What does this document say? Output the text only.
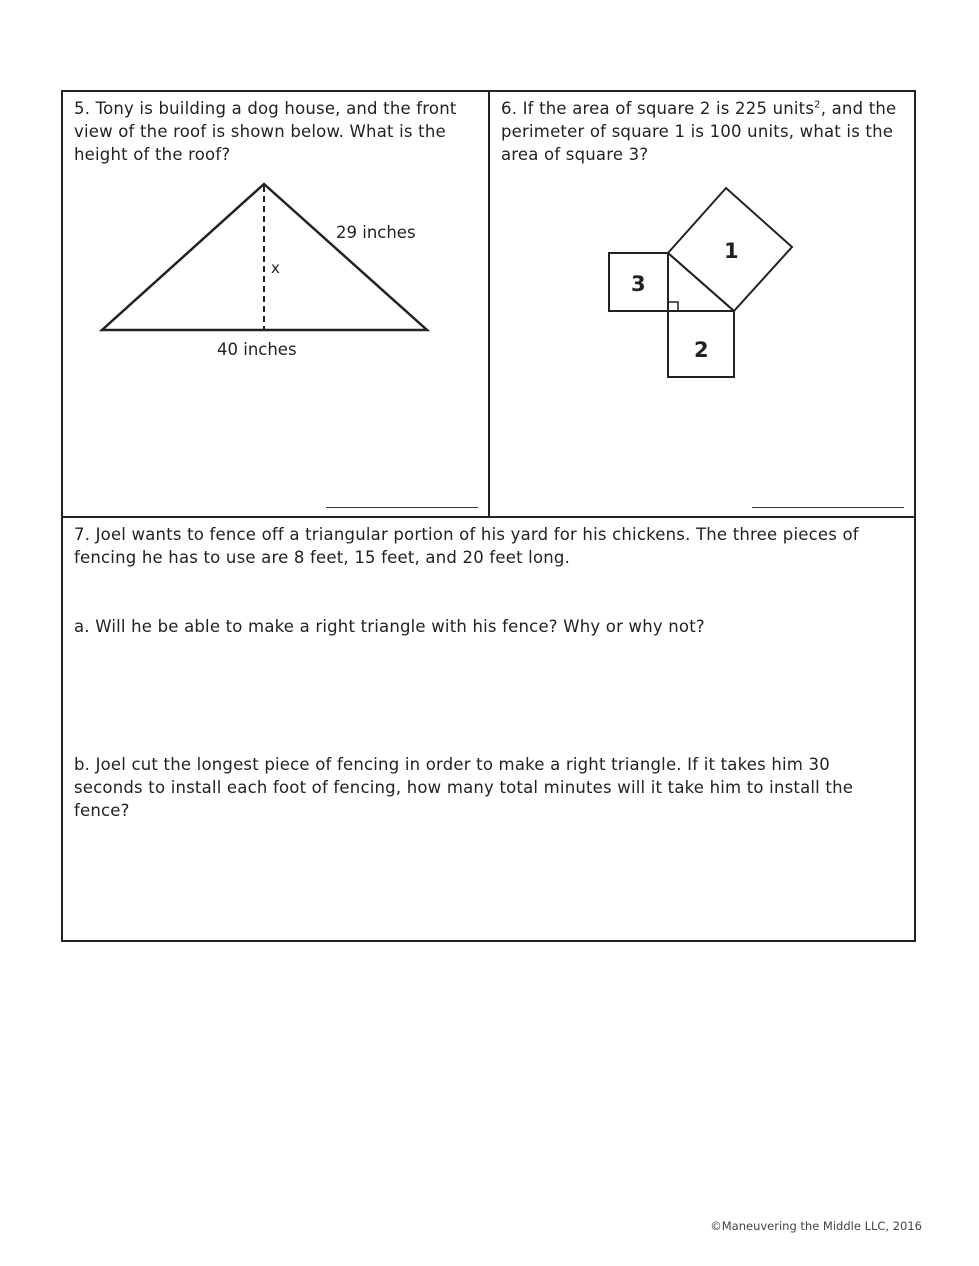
5. Tony is building a dog house, and the front view of the roof is shown below. What is the height of the roof?

29 inches
x
40 inches

6. If the area of square 2 is 225 units$^2$, and the perimeter of square 1 is 100 units, what is the area of square 3?

3
2
1

7. Joel wants to fence off a triangular portion of his yard for his chickens. The three pieces of fencing he has to use are 8 feet, 15 feet, and 20 feet long.

a. Will he be able to make a right triangle with his fence? Why or why not?

b. Joel cut the longest piece of fencing in order to make a right triangle. If it takes him 30 seconds to install each foot of fencing, how many total minutes will it take him to install the fence?

©Maneuvering the Middle LLC, 2016
